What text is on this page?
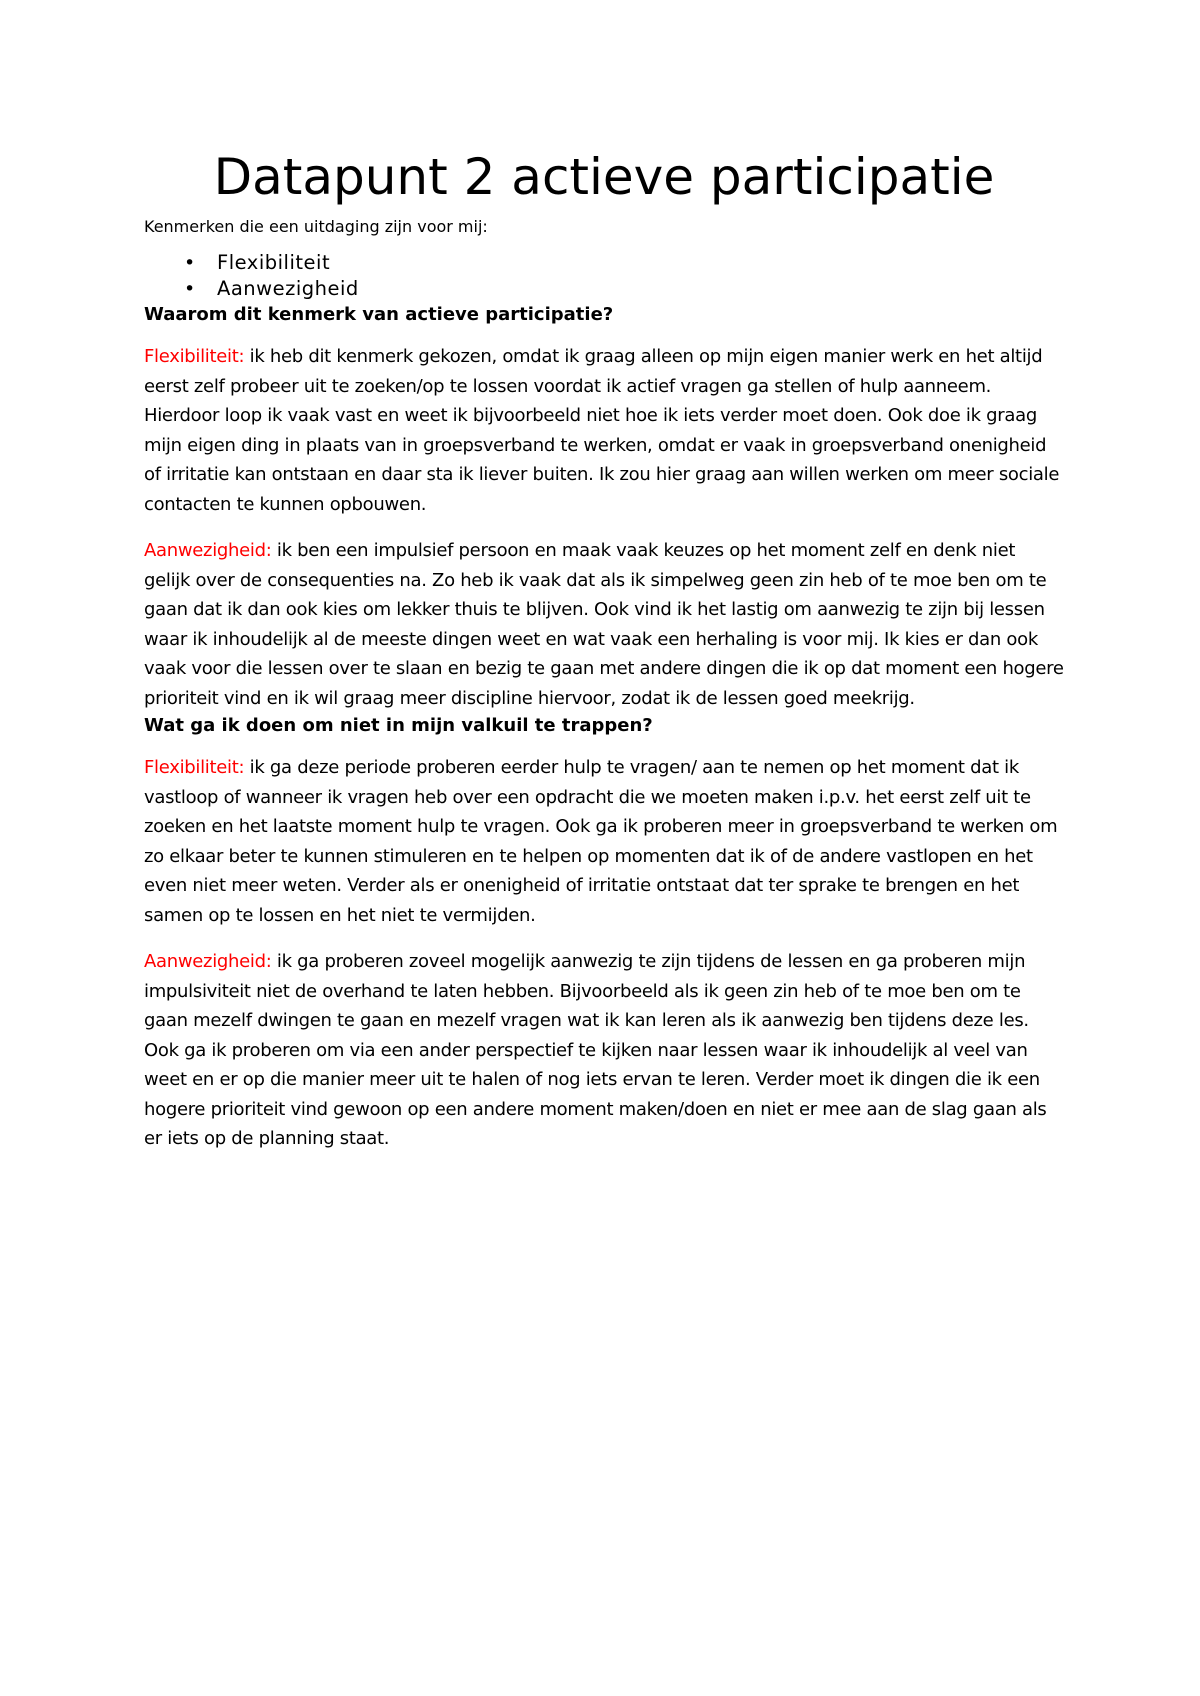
Datapunt 2 actieve participatie

Kenmerken die een uitdaging zijn voor mij:

• Flexibiliteit
• Aanwezigheid
Waarom dit kenmerk van actieve participatie?

Flexibiliteit: ik heb dit kenmerk gekozen, omdat ik graag alleen op mijn eigen manier werk en het altijd eerst zelf probeer uit te zoeken/op te lossen voordat ik actief vragen ga stellen of hulp aanneem. Hierdoor loop ik vaak vast en weet ik bijvoorbeeld niet hoe ik iets verder moet doen. Ook doe ik graag mijn eigen ding in plaats van in groepsverband te werken, omdat er vaak in groepsverband onenigheid of irritatie kan ontstaan en daar sta ik liever buiten. Ik zou hier graag aan willen werken om meer sociale contacten te kunnen opbouwen.

Aanwezigheid: ik ben een impulsief persoon en maak vaak keuzes op het moment zelf en denk niet gelijk over de consequenties na. Zo heb ik vaak dat als ik simpelweg geen zin heb of te moe ben om te gaan dat ik dan ook kies om lekker thuis te blijven. Ook vind ik het lastig om aanwezig te zijn bij lessen waar ik inhoudelijk al de meeste dingen weet en wat vaak een herhaling is voor mij. Ik kies er dan ook vaak voor die lessen over te slaan en bezig te gaan met andere dingen die ik op dat moment een hogere prioriteit vind en ik wil graag meer discipline hiervoor, zodat ik de lessen goed meekrijg.

Wat ga ik doen om niet in mijn valkuil te trappen?

Flexibiliteit: ik ga deze periode proberen eerder hulp te vragen/ aan te nemen op het moment dat ik vastloop of wanneer ik vragen heb over een opdracht die we moeten maken i.p.v. het eerst zelf uit te zoeken en het laatste moment hulp te vragen. Ook ga ik proberen meer in groepsverband te werken om zo elkaar beter te kunnen stimuleren en te helpen op momenten dat ik of de andere vastlopen en het even niet meer weten. Verder als er onenigheid of irritatie ontstaat dat ter sprake te brengen en het samen op te lossen en het niet te vermijden.

Aanwezigheid: ik ga proberen zoveel mogelijk aanwezig te zijn tijdens de lessen en ga proberen mijn impulsiviteit niet de overhand te laten hebben. Bijvoorbeeld als ik geen zin heb of te moe ben om te gaan mezelf dwingen te gaan en mezelf vragen wat ik kan leren als ik aanwezig ben tijdens deze les. Ook ga ik proberen om via een ander perspectief te kijken naar lessen waar ik inhoudelijk al veel van weet en er op die manier meer uit te halen of nog iets ervan te leren. Verder moet ik dingen die ik een hogere prioriteit vind gewoon op een andere moment maken/doen en niet er mee aan de slag gaan als er iets op de planning staat.
